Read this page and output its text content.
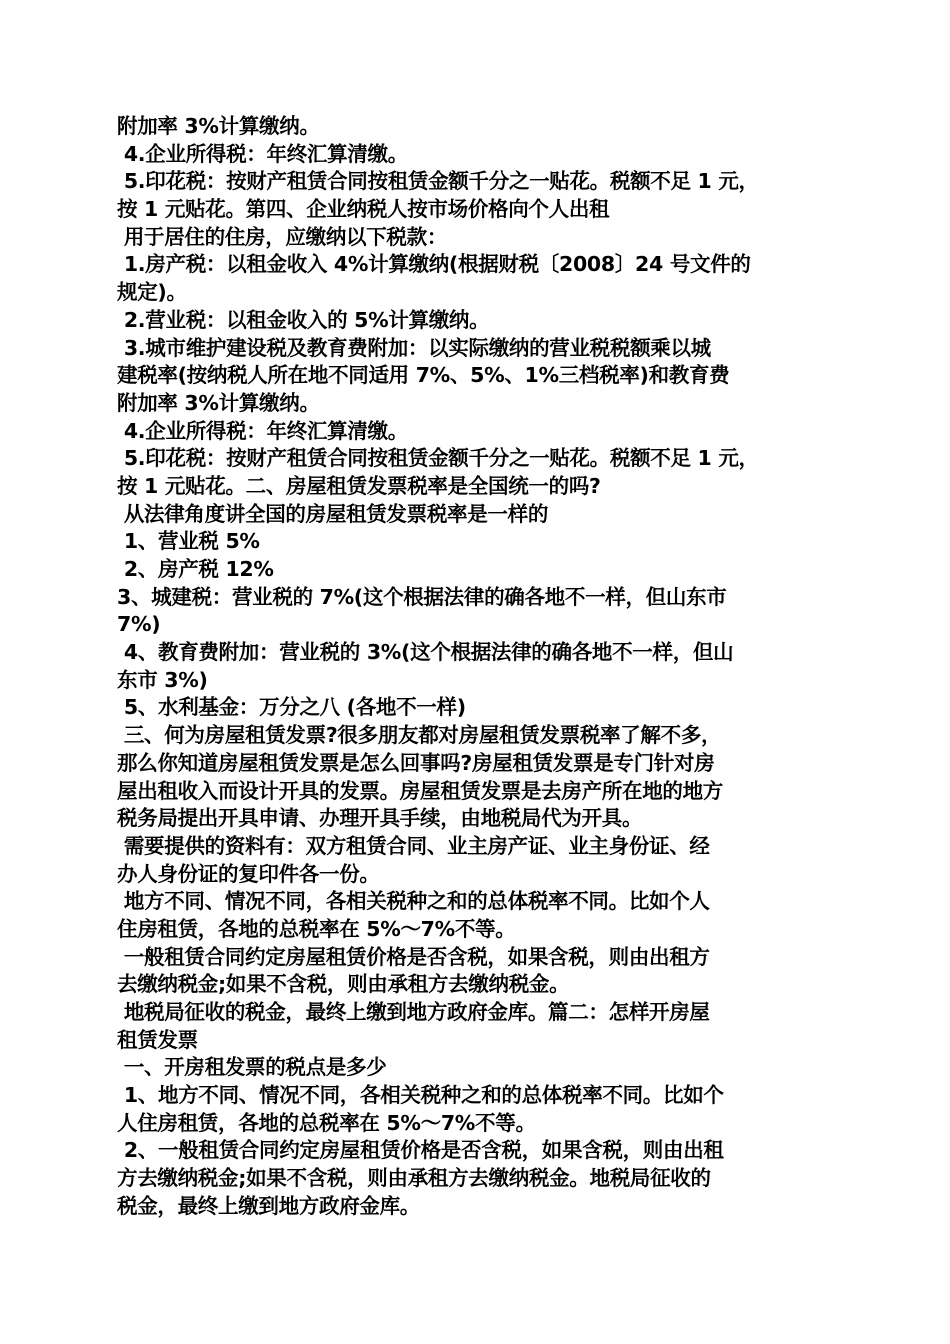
附加率 3%计算缴纳。
4.企业所得税：年终汇算清缴。
5.印花税：按财产租赁合同按租赁金额千分之一贴花。税额不足 1 元，
按 1 元贴花。第四、企业纳税人按市场价格向个人出租
用于居住的住房，应缴纳以下税款：
1.房产税：以租金收入 4%计算缴纳(根据财税〔2008〕24 号文件的
规定)。
2.营业税：以租金收入的 5%计算缴纳。
3.城市维护建设税及教育费附加：以实际缴纳的营业税税额乘以城
建税率(按纳税人所在地不同适用 7%、5%、1%三档税率)和教育费
附加率 3%计算缴纳。
4.企业所得税：年终汇算清缴。
5.印花税：按财产租赁合同按租赁金额千分之一贴花。税额不足 1 元，
按 1 元贴花。二、房屋租赁发票税率是全国统一的吗?
从法律角度讲全国的房屋租赁发票税率是一样的
1、营业税 5%
2、房产税 12%
3、城建税：营业税的 7%(这个根据法律的确各地不一样，但山东市
7%)
4、教育费附加：营业税的 3%(这个根据法律的确各地不一样，但山
东市 3%)
5、水利基金：万分之八 (各地不一样)
三、何为房屋租赁发票?很多朋友都对房屋租赁发票税率了解不多，
那么你知道房屋租赁发票是怎么回事吗?房屋租赁发票是专门针对房
屋出租收入而设计开具的发票。房屋租赁发票是去房产所在地的地方
税务局提出开具申请、办理开具手续，由地税局代为开具。
需要提供的资料有：双方租赁合同、业主房产证、业主身份证、经
办人身份证的复印件各一份。
地方不同、情况不同，各相关税种之和的总体税率不同。比如个人
住房租赁，各地的总税率在 5%～7%不等。
一般租赁合同约定房屋租赁价格是否含税，如果含税，则由出租方
去缴纳税金;如果不含税，则由承租方去缴纳税金。
地税局征收的税金，最终上缴到地方政府金库。篇二：怎样开房屋
租赁发票
一、开房租发票的税点是多少
1、地方不同、情况不同，各相关税种之和的总体税率不同。比如个
人住房租赁，各地的总税率在 5%～7%不等。
2、一般租赁合同约定房屋租赁价格是否含税，如果含税，则由出租
方去缴纳税金;如果不含税，则由承租方去缴纳税金。地税局征收的
税金，最终上缴到地方政府金库。
